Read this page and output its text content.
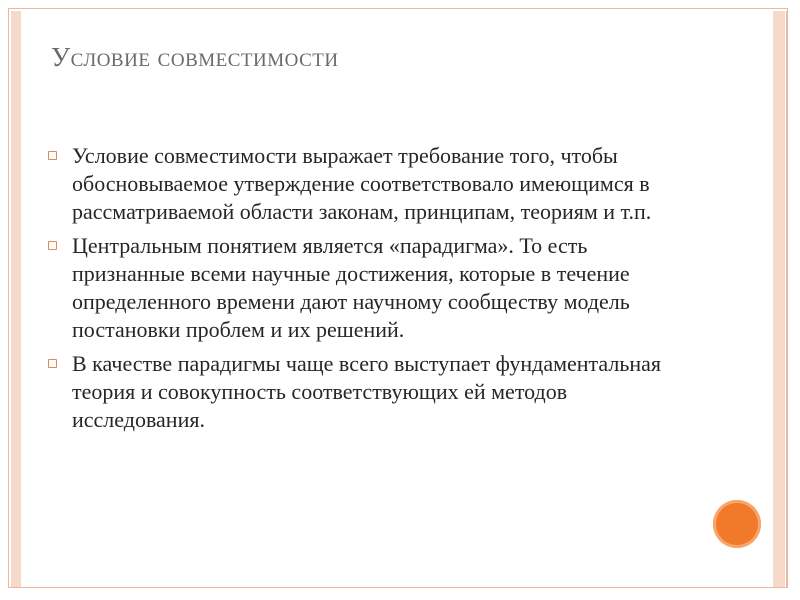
Условие совместимости
Условие совместимости выражает требование того, чтобы обосновываемое утверждение соответствовало имеющимся в рассматриваемой области законам, принципам, теориям и т.п.
Центральным понятием является «парадигма». То есть признанные всеми научные достижения, которые в течение определенного времени дают научному сообществу модель постановки проблем и их решений.
В качестве парадигмы чаще всего выступает фундаментальная теория и совокупность соответствующих ей методов исследования.
